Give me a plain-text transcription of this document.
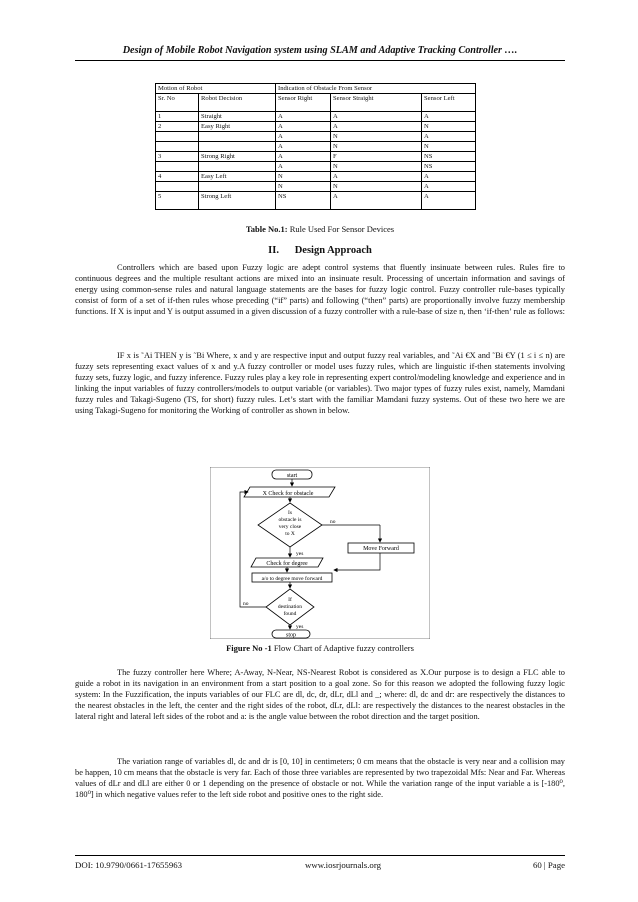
Design of Mobile Robot Navigation system using SLAM and Adaptive Tracking Controller ….
Motion of Robot		Indication of Obstacle From Sensor		
Sr. No	Robot Decision	Sensor Right	Sensor Straight	Sensor Left
1	Straight	A	A	A
2	Easy Right	A	A	N
		A	N	A
		A	N	N
3	Strong Right	A	F	NS
		A	N	NS
4	Easy Left	N	A	A
		N	N	A
5	Strong Left	NS	A	A
Table No.1: Rule Used For Sensor Devices
II. Design Approach

Controllers which are based upon Fuzzy logic are adept control systems that fluently insinuate between rules. Rules fire to continuous degrees and the multiple resultant actions are mixed into an insinuate result. Processing of uncertain information and savings of energy using common-sense rules and natural language statements are the bases for fuzzy logic control. Fuzzy controller rule-bases typically consist of form of a set of if-then rules whose preceding (“if” parts) and following (“then” parts) are proportionally involve fuzzy membership functions. If X is input and Y is output assumed in a given discussion of a fuzzy controller with a rule-base of size n, then ‘if-then’ rule as follows:

IF x is ˜Ai THEN y is ˜Bi Where, x and y are respective input and output fuzzy real variables, and ˜Ai €X and ˜Bi €Y (1 ≤ i ≤ n) are fuzzy sets representing exact values of x and y.A fuzzy controller or model uses fuzzy rules, which are linguistic if-then statements involving fuzzy sets, fuzzy logic, and fuzzy inference. Fuzzy rules play a key role in representing expert control/modeling knowledge and experience and in linking the input variables of fuzzy controllers/models to output variable (or variables). Two major types of fuzzy rules exist, namely, Mamdani fuzzy rules and Takagi-Sugeno (TS, for short) fuzzy rules. Let’s start with the familiar Mamdani fuzzy systems. Out of these two here we are using Takagi-Sugeno for monitoring the Working of controller as shown in below.

start
X Check for obstacle
Is
obstacle is
very close
to X
no
Move Forward
yes
Check for degree
a/o to degree move forward
If
destination
found
no
yes
stop
Figure No -1 Flow Chart of Adaptive fuzzy controllers

The fuzzy controller here Where; A-Away, N-Near, NS-Nearest Robot is considered as X.Our purpose is to design a FLC able to guide a robot in its navigation in an environment from a start position to a goal zone. So for this reason we adopted the following fuzzy logic system: In the Fuzzification, the inputs variables of our FLC are dl, dc, dr, dLr, dLl and _; where: dl, dc and dr: are respectively the distances to the nearest obstacles in the left, the center and the right sides of the robot, dLr, dLl: are respectively the distances to the nearest obstacles in the lateral right and lateral left sides of the robot and a: is the angle value between the robot direction and the target position.

The variation range of variables dl, dc and dr is [0, 10] in centimeters; 0 cm means that the obstacle is very near and a collision may be happen, 10 cm means that the obstacle is very far. Each of those three variables are represented by two trapezoidal Mfs: Near and Far. Whereas values of dLr and dLl are either 0 or 1 depending on the presence of obstacle or not. While the variation range of the input variable a is [-180⁰, 180⁰] in which negative values refer to the left side robot and positive ones to the right side.

DOI: 10.9790/0661-17655963	www.iosrjournals.org	60 | Page
